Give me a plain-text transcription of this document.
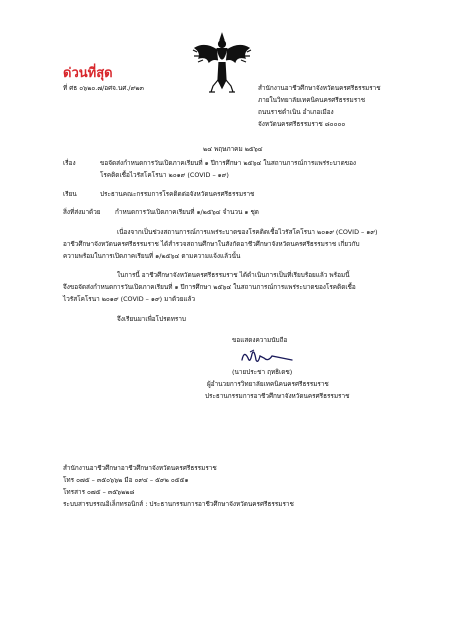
ด่วนที่สุด
ที่ ศธ ๐๖๒๐.๗/อศจ.นศ./๙๒๓	สำนักงานอาชีวศึกษาจังหวัดนครศรีธรรมราช
ภายในวิทยาลัยเทคนิคนครศรีธรรมราช
ถนนราชดำเนิน อำเภอเมือง
จังหวัดนครศรีธรรมราช ๘๐๐๐๐
๒๔ พฤษภาคม ๒๕๖๔
เรื่อง	ขอจัดส่งกำหนดการวันเปิดภาคเรียนที่ ๑ ปีการศึกษา ๒๕๖๔ ในสถานการณ์การแพร่ระบาดของ
โรคติดเชื้อไวรัสโคโรนา ๒๐๑๙ (COVID – ๑๙)
เรียน	ประธานคณะกรรมการโรคติดต่อจังหวัดนครศรีธรรมราช
สิ่งที่ส่งมาด้วย กำหนดการวันเปิดภาคเรียนที่ ๑/๒๕๖๔ จำนวน ๑ ชุด
เนื่องจากเป็นช่วงสถานการณ์การแพร่ระบาดของโรคติดเชื้อไวรัสโคโรนา ๒๐๑๙ (COVID – ๑๙)
อาชีวศึกษาจังหวัดนครศรีธรรมราช ได้สำรวจสถานศึกษาในสังกัดอาชีวศึกษาจังหวัดนครศรีธรรมราช เกี่ยวกับ
ความพร้อมในการเปิดภาคเรียนที่ ๑/๒๕๖๔ ตามความแจ้งแล้วนั้น
ในการนี้ อาชีวศึกษาจังหวัดนครศรีธรรมราช ได้ดำเนินการเป็นที่เรียบร้อยแล้ว พร้อมนี้
จึงขอจัดส่งกำหนดการวันเปิดภาคเรียนที่ ๑ ปีการศึกษา ๒๕๖๔ ในสถานการณ์การแพร่ระบาดของโรคติดเชื้อ
ไวรัสโคโรนา ๒๐๑๙ (COVID – ๑๙) มาด้วยแล้ว
จึงเรียนมาเพื่อโปรดทราบ
ขอแสดงความนับถือ
(นายประชา ฤทธิเดช)
ผู้อำนวยการวิทยาลัยเทคนิคนครศรีธรรมราช
ประธานกรรมการอาชีวศึกษาจังหวัดนครศรีธรรมราช
สำนักงานอาชีวศึกษาอาชีวศึกษาจังหวัดนครศรีธรรมราช
โทร ๐๗๕ – ๓๕๐๖๖๒ มือ ๐๙๔ – ๕๙๒ ๐๕๕๑
โทรสาร ๐๗๕ – ๓๕๖๒๒๘
ระบบสารบรรณอิเล็กทรอนิกส์ : ประธานกรรมการอาชีวศึกษาจังหวัดนครศรีธรรมราช
